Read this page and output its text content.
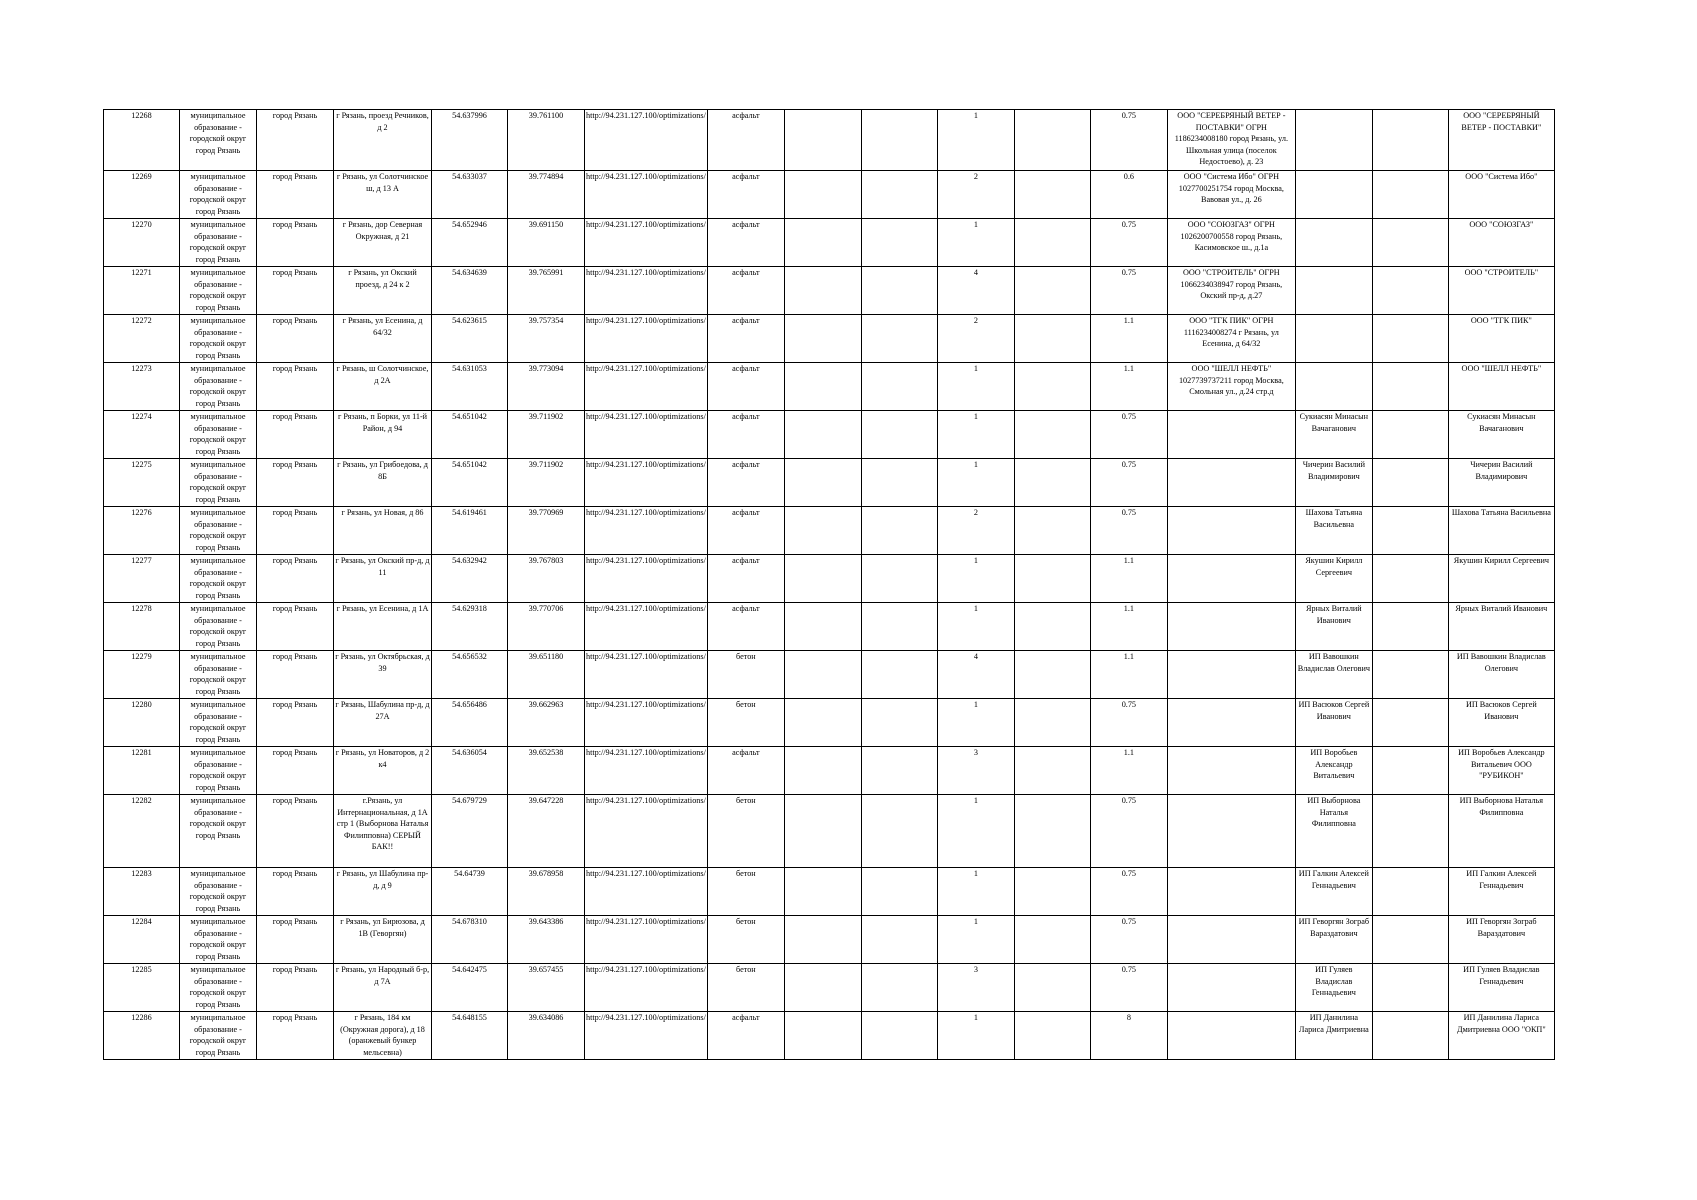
12268	муниципальное образование - городской округ город Рязань	город Рязань	г Рязань, проезд Речников, д 2	54.637996	39.761100	http://94.231.127.100/optimizations/	асфальт			1		0.75	ООО "СЕРЕБРЯНЫЙ ВЕТЕР - ПОСТАВКИ" ОГРН 1186234008180 город Рязань, ул. Школьная улица (поселок Недостоево), д. 23			ООО "СЕРЕБРЯНЫЙ ВЕТЕР - ПОСТАВКИ"
12269	муниципальное образование - городской округ город Рязань	город Рязань	г Рязань, ул Солотчинское ш, д 13 А	54.633037	39.774894	http://94.231.127.100/optimizations/	асфальт			2		0.6	ООО "Система Ибо" ОГРН 1027700251754 город Москва, Вавовая ул., д. 26			ООО "Система Ибо"
12270	муниципальное образование - городской округ город Рязань	город Рязань	г Рязань, дор Северная Окружная, д 21	54.652946	39.691150	http://94.231.127.100/optimizations/	асфальт			1		0.75	ООО "СОЮЗГАЗ" ОГРН 1026200700558 город Рязань, Касимовское ш., д.1а			ООО "СОЮЗГАЗ"
12271	муниципальное образование - городской округ город Рязань	город Рязань	г Рязань, ул Окский проезд, д 24 к 2	54.634639	39.765991	http://94.231.127.100/optimizations/	асфальт			4		0.75	ООО "СТРОИТЕЛЬ" ОГРН 1066234038947 город Рязань, Окский пр-д, д.27			ООО "СТРОИТЕЛЬ"
12272	муниципальное образование - городской округ город Рязань	город Рязань	г Рязань, ул Есенина, д 64/32	54.623615	39.757354	http://94.231.127.100/optimizations/	асфальт			2		1.1	ООО "ТГК ПИК" ОГРН 1116234008274 г Рязань, ул Есенина, д 64/32			ООО "ТГК ПИК"
12273	муниципальное образование - городской округ город Рязань	город Рязань	г Рязань, ш Солотчинское, д 2А	54.631053	39.773094	http://94.231.127.100/optimizations/	асфальт			1		1.1	ООО "ШЕЛЛ НЕФТЬ" 1027739737211 город Москва, Смольная ул., д.24 стр.д			ООО "ШЕЛЛ НЕФТЬ"
12274	муниципальное образование - городской округ город Рязань	город Рязань	г Рязань, п Борки, ул 11-й Район, д 94	54.651042	39.711902	http://94.231.127.100/optimizations/	асфальт			1		0.75		Сукиасян Минасын Вачаганович		Сукиасян Минасын Вачаганович
12275	муниципальное образование - городской округ город Рязань	город Рязань	г Рязань, ул Грибоедова, д 8Б	54.651042	39.711902	http://94.231.127.100/optimizations/	асфальт			1		0.75		Чичерин Василий Владимирович		Чичерин Василий Владимирович
12276	муниципальное образование - городской округ город Рязань	город Рязань	г Рязань, ул Новая, д 86	54.619461	39.770969	http://94.231.127.100/optimizations/	асфальт			2		0.75		Шахова Татьяна Васильевна		Шахова Татьяна Васильевна
12277	муниципальное образование - городской округ город Рязань	город Рязань	г Рязань, ул Окский пр-д, д 11	54.632942	39.767803	http://94.231.127.100/optimizations/	асфальт			1		1.1		Якушин Кирилл Сергеевич		Якушин Кирилл Сергеевич
12278	муниципальное образование - городской округ город Рязань	город Рязань	г Рязань, ул Есенина, д 1А	54.629318	39.770706	http://94.231.127.100/optimizations/	асфальт			1		1.1		Ярных Виталий Иванович		Ярных Виталий Иванович
12279	муниципальное образование - городской округ город Рязань	город Рязань	г Рязань, ул Октябрьская, д 39	54.656532	39.651180	http://94.231.127.100/optimizations/	бетон			4		1.1		ИП Вавошкин Владислав Олегович		ИП Вавошкин Владислав Олегович
12280	муниципальное образование - городской округ город Рязань	город Рязань	г Рязань, Шабулина пр-д, д 27А	54.656486	39.662963	http://94.231.127.100/optimizations/	бетон			1		0.75		ИП Васюков Сергей Иванович		ИП Васюков Сергей Иванович
12281	муниципальное образование - городской округ город Рязань	город Рязань	г Рязань, ул Новаторов, д 2 к4	54.636054	39.652538	http://94.231.127.100/optimizations/	асфальт			3		1.1		ИП Воробьев Александр Витальевич		ИП Воробьев Александр Витальевич ООО "РУБИКОН"
12282	муниципальное образование - городской округ город Рязань	город Рязань	г.Рязань, ул Интернациональная, д 1А стр 1 (Выборнова Наталья Филипповна) СЕРЫЙ БАК!!	54.679729	39.647228	http://94.231.127.100/optimizations/	бетон			1		0.75		ИП Выборнова Наталья Филипповна		ИП Выборнова Наталья Филипповна
12283	муниципальное образование - городской округ город Рязань	город Рязань	г Рязань, ул Шабулина пр-д, д 9	54.64739	39.678958	http://94.231.127.100/optimizations/	бетон			1		0.75		ИП Галкин Алексей Геннадьевич		ИП Галкин Алексей Геннадьевич
12284	муниципальное образование - городской округ город Рязань	город Рязань	г Рязань, ул Бирюзова, д 1В (Геворгян)	54.678310	39.643386	http://94.231.127.100/optimizations/	бетон			1		0.75		ИП Геворгян Зограб Вараздатович		ИП Геворгян Зограб Вараздатович
12285	муниципальное образование - городской округ город Рязань	город Рязань	г Рязань, ул Народный б-р, д 7А	54.642475	39.657455	http://94.231.127.100/optimizations/	бетон			3		0.75		ИП Гуляев Владислав Геннадьевич		ИП Гуляев Владислав Геннадьевич
12286	муниципальное образование - городской округ город Рязань	город Рязань	г Рязань, 184 км (Окружная дорога), д 18 (оранжевый бункер мельсевна)	54.648155	39.634086	http://94.231.127.100/optimizations/	асфальт			1		8		ИП Данилина Лариса Дмитриевна		ИП Данилина Лариса Дмитриевна ООО "ОКП"
